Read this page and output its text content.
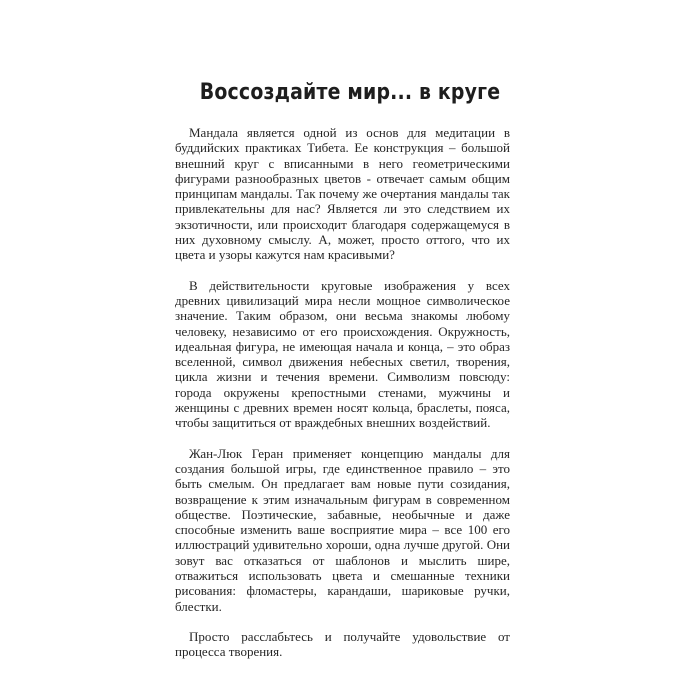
Воссоздайте мир... в круге

Мандала является одной из основ для медитации в буддийских практиках Тибета. Ее конструкция – большой внешний круг с вписанными в него геометрическими фигурами разнообразных цветов - отвечает самым общим принципам мандалы. Так почему же очертания мандалы так привлекательны для нас? Является ли это следствием их экзотичности, или происходит благодаря содержащемуся в них духовному смыслу. А, может, просто оттого, что их цвета и узоры кажутся нам красивыми?

В действительности круговые изображения у всех древних цивилизаций мира несли мощное символическое значение. Таким образом, они весьма знакомы любому человеку, независимо от его происхождения. Окружность, идеальная фигура, не имеющая начала и конца, – это образ вселенной, символ движения небесных светил, творения, цикла жизни и течения времени. Символизм повсюду: города окружены крепостными стенами, мужчины и женщины с древних времен носят кольца, браслеты, пояса, чтобы защититься от враждебных внешних воздействий.

Жан-Люк Геран применяет концепцию мандалы для создания большой игры, где единственное правило – это быть смелым. Он предлагает вам новые пути созидания, возвращение к этим изначальным фигурам в современном обществе. Поэтические, забавные, необычные и даже способные изменить ваше восприятие мира – все 100 его иллюстраций удивительно хороши, одна лучше другой. Они зовут вас отказаться от шаблонов и мыслить шире, отважиться использовать цвета и смешанные техники рисования: фломастеры, карандаши, шариковые ручки, блестки.

Просто расслабьтесь и получайте удовольствие от процесса творения.
